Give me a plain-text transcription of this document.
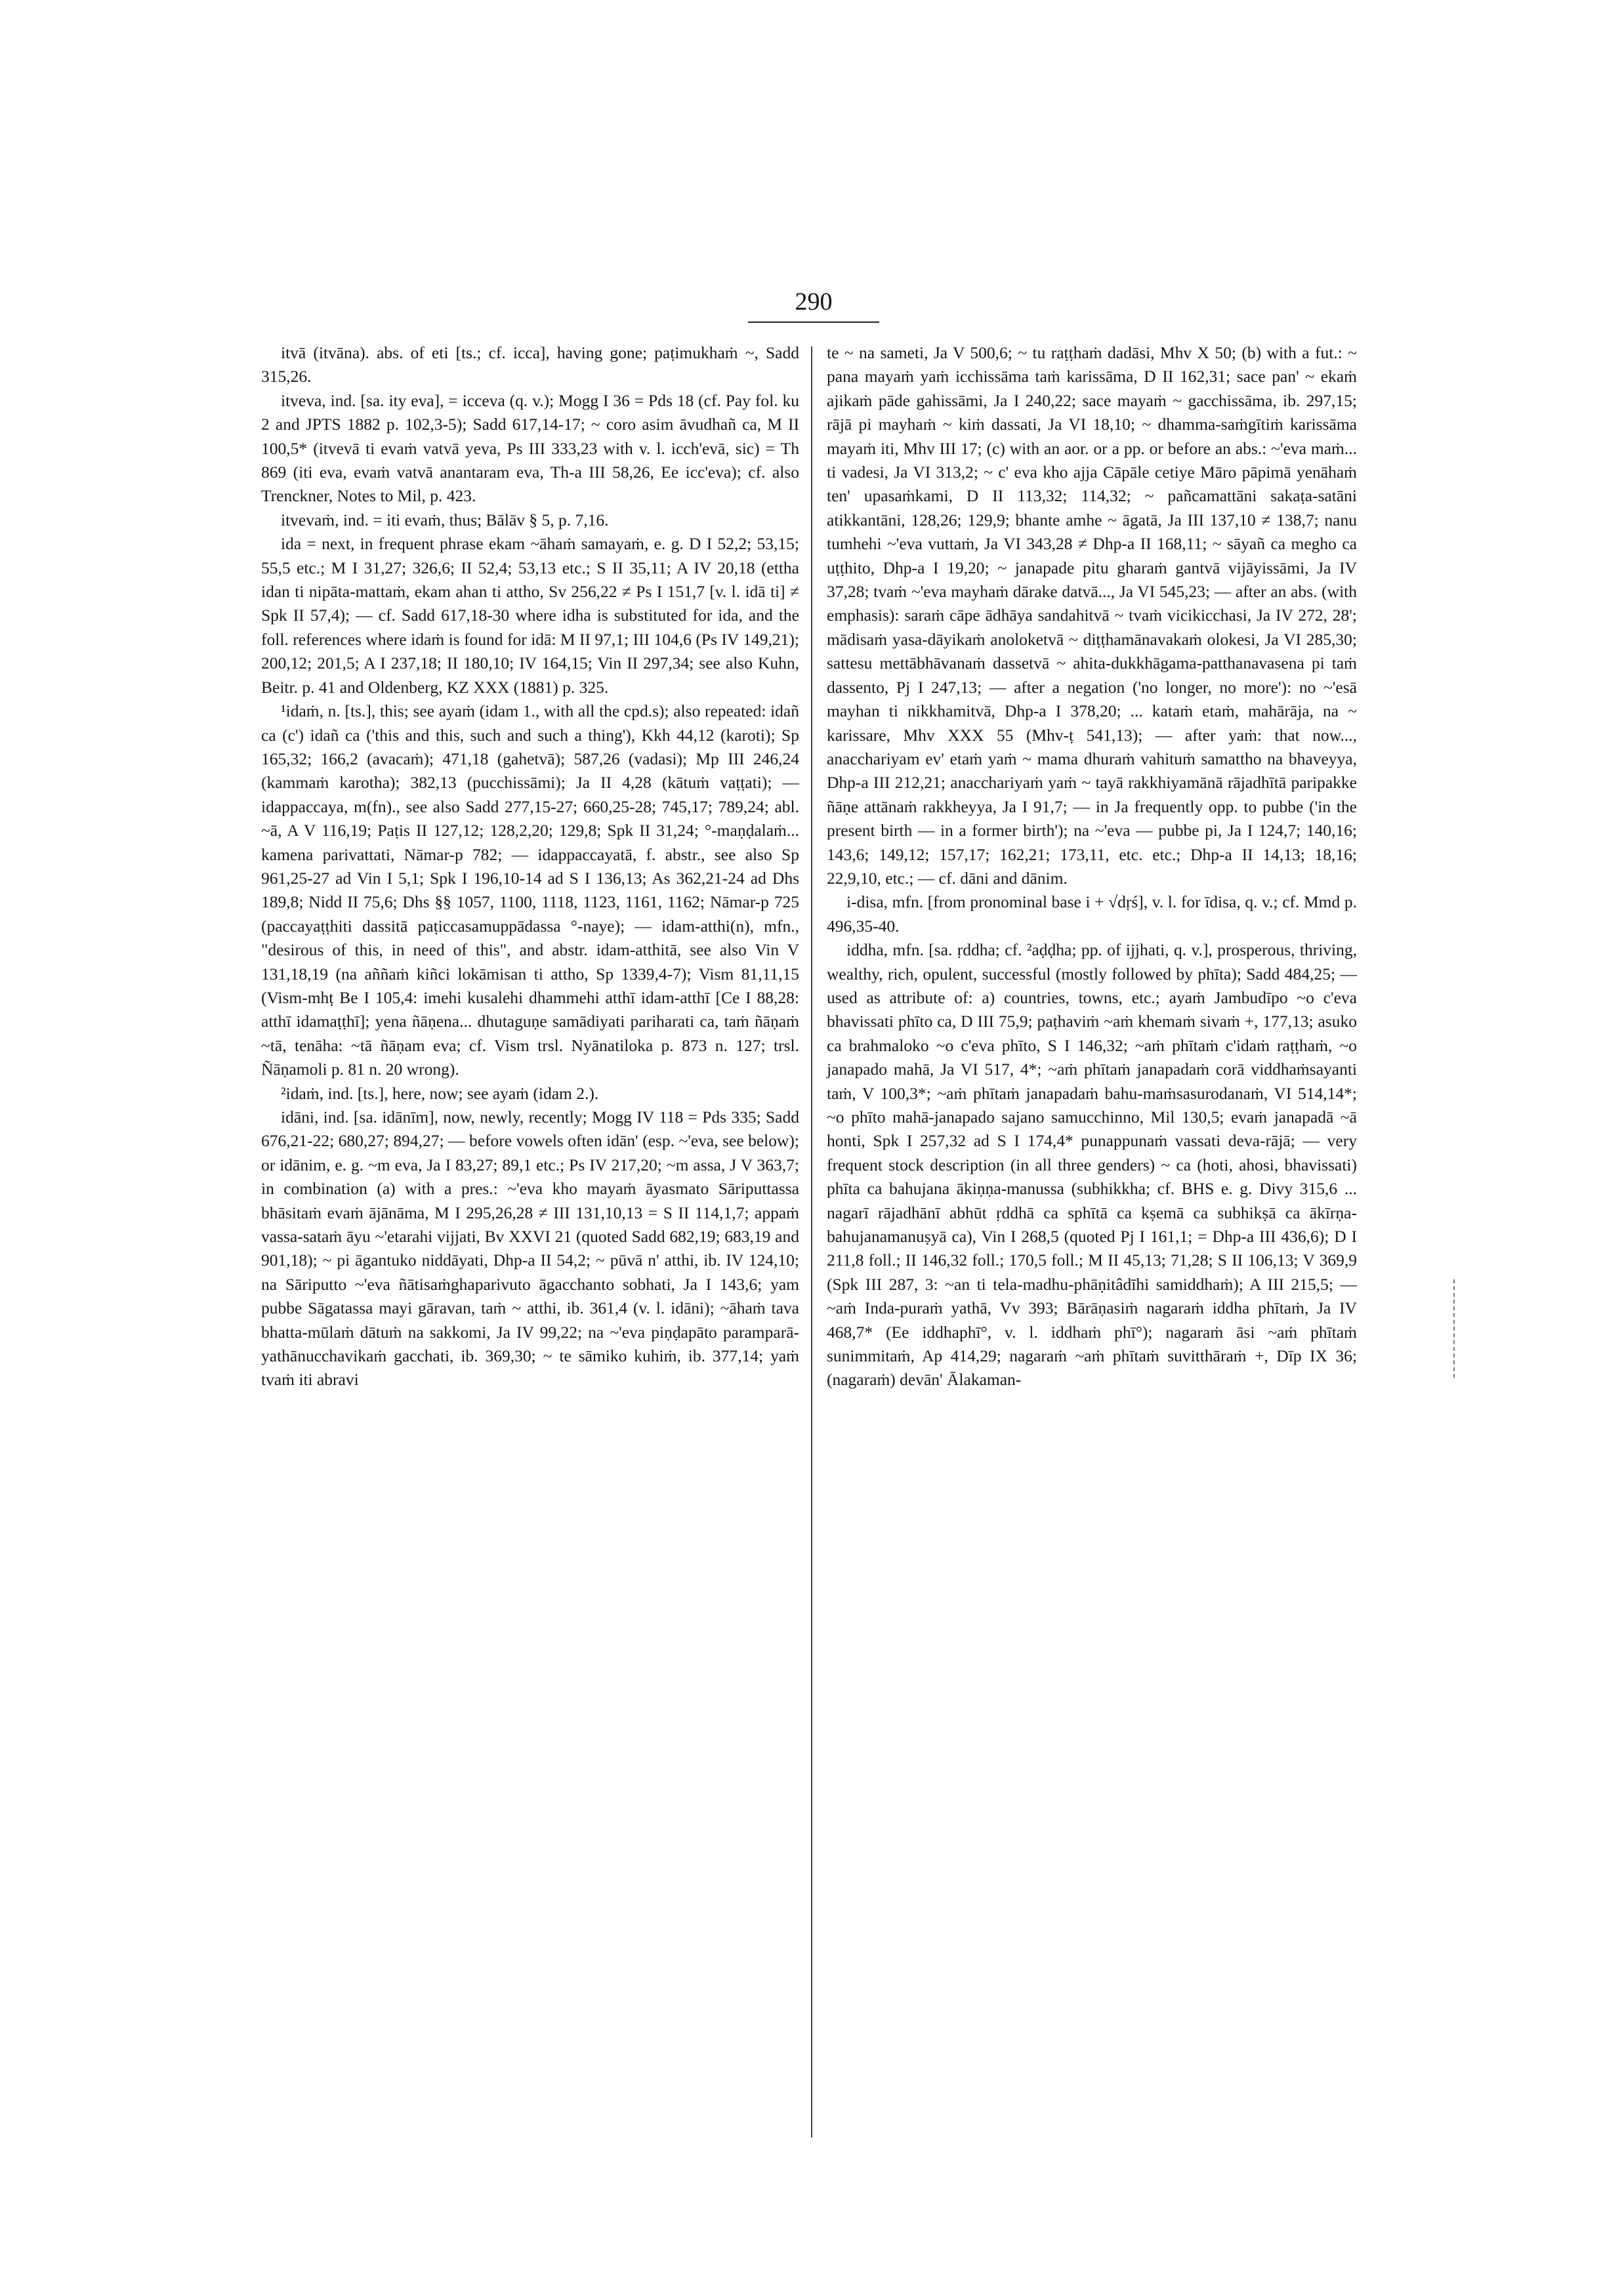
290

itvā (itvāna). abs. of eti [ts.; cf. icca], having gone; paṭimukhaṁ ~, Sadd 315,26.

itveva, ind. [sa. ity eva], = icceva (q. v.); Mogg I 36 = Pds 18 (cf. Pay fol. ku 2 and JPTS 1882 p. 102,3-5); Sadd 617,14-17; ~ coro asim āvudhañ ca, M II 100,5* (itvevā ti evaṁ vatvā yeva, Ps III 333,23 with v. l. icch'evā, sic) = Th 869 (iti eva, evaṁ vatvā anantaram eva, Th-a III 58,26, Ee icc'eva); cf. also Trenckner, Notes to Mil, p. 423.

itvevaṁ, ind. = iti evaṁ, thus; Bālāv § 5, p. 7,16.

ida = next, in frequent phrase ekam ~āhaṁ samayaṁ, e. g. D I 52,2; 53,15; 55,5 etc.; M I 31,27; 326,6; II 52,4; 53,13 etc.; S II 35,11; A IV 20,18 (ettha idan ti nipāta-mattaṁ, ekam ahan ti attho, Sv 256,22 ≠ Ps I 151,7 [v. l. idā ti] ≠ Spk II 57,4); — cf. Sadd 617,18-30 where idha is substituted for ida, and the foll. references where idaṁ is found for idā: M II 97,1; III 104,6 (Ps IV 149,21); 200,12; 201,5; A I 237,18; II 180,10; IV 164,15; Vin II 297,34; see also Kuhn, Beitr. p. 41 and Oldenberg, KZ XXX (1881) p. 325.

¹idaṁ, n. [ts.], this; see ayaṁ (idam 1., with all the cpd.s); also repeated: idañ ca (c') idañ ca ('this and this, such and such a thing'), Kkh 44,12 (karoti); Sp 165,32; 166,2 (avacaṁ); 471,18 (gahetvā); 587,26 (vadasi); Mp III 246,24 (kammaṁ karotha); 382,13 (pucchissāmi); Ja II 4,28 (kātuṁ vaṭṭati); — idappaccaya, m(fn)., see also Sadd 277,15-27; 660,25-28; 745,17; 789,24; abl. ~ā, A V 116,19; Paṭis II 127,12; 128,2,20; 129,8; Spk II 31,24; °-maṇḍalaṁ... kamena parivattati, Nāmar-p 782; — idappaccayatā, f. abstr., see also Sp 961,25-27 ad Vin I 5,1; Spk I 196,10-14 ad S I 136,13; As 362,21-24 ad Dhs 189,8; Nidd II 75,6; Dhs §§ 1057, 1100, 1118, 1123, 1161, 1162; Nāmar-p 725 (paccayaṭṭhiti dassitā paṭiccasamuppādassa °-naye); — idam-atthi(n), mfn., "desirous of this, in need of this", and abstr. idam-atthitā, see also Vin V 131,18,19 (na aññaṁ kiñci lokāmisan ti attho, Sp 1339,4-7); Vism 81,11,15 (Vism-mhṭ Be I 105,4: imehi kusalehi dhammehi atthī idam-atthī [Ce I 88,28: atthī idamaṭṭhī]; yena ñāṇena... dhutaguṇe samādiyati pariharati ca, taṁ ñāṇaṁ ~tā, tenāha: ~tā ñāṇam eva; cf. Vism trsl. Nyānatiloka p. 873 n. 127; trsl. Ñāṇamoli p. 81 n. 20 wrong).

²idaṁ, ind. [ts.], here, now; see ayaṁ (idam 2.).

idāni, ind. [sa. idānīm], now, newly, recently; Mogg IV 118 = Pds 335; Sadd 676,21-22; 680,27; 894,27; — before vowels often idān' (esp. ~'eva, see below); or idānim, e. g. ~m eva, Ja I 83,27; 89,1 etc.; Ps IV 217,20; ~m assa, J V 363,7; in combination (a) with a pres.: ~'eva kho mayaṁ āyasmato Sāriputtassa bhāsitaṁ evaṁ ājānāma, M I 295,26,28 ≠ III 131,10,13 = S II 114,1,7; appaṁ vassa-sataṁ āyu ~'etarahi vijjati, Bv XXVI 21 (quoted Sadd 682,19; 683,19 and 901,18); ~ pi āgantuko niddāyati, Dhp-a II 54,2; ~ pūvā n' atthi, ib. IV 124,10; na Sāriputto ~'eva ñātisaṁghaparivuto āgacchanto sobhati, Ja I 143,6; yam pubbe Sāgatassa mayi gāravan, taṁ ~ atthi, ib. 361,4 (v. l. idāni); ~āhaṁ tava bhatta-mūlaṁ dātuṁ na sakkomi, Ja IV 99,22; na ~'eva piṇḍapāto paramparā-yathānucchavikaṁ gacchati, ib. 369,30; ~ te sāmiko kuhiṁ, ib. 377,14; yaṁ tvaṁ iti abravi

te ~ na sameti, Ja V 500,6; ~ tu raṭṭhaṁ dadāsi, Mhv X 50; (b) with a fut.: ~ pana mayaṁ yaṁ icchissāma taṁ karissāma, D II 162,31; sace pan' ~ ekaṁ ajikaṁ pāde gahissāmi, Ja I 240,22; sace mayaṁ ~ gacchissāma, ib. 297,15; rājā pi mayhaṁ ~ kiṁ dassati, Ja VI 18,10; ~ dhamma-saṁgītiṁ karissāma mayaṁ iti, Mhv III 17; (c) with an aor. or a pp. or before an abs.: ~'eva maṁ... ti vadesi, Ja VI 313,2; ~ c' eva kho ajja Cāpāle cetiye Māro pāpimā yenāhaṁ ten' upasaṁkami, D II 113,32; 114,32; ~ pañcamattāni sakaṭa-satāni atikkantāni, 128,26; 129,9; bhante amhe ~ āgatā, Ja III 137,10 ≠ 138,7; nanu tumhehi ~'eva vuttaṁ, Ja VI 343,28 ≠ Dhp-a II 168,11; ~ sāyañ ca megho ca uṭṭhito, Dhp-a I 19,20; ~ janapade pitu gharaṁ gantvā vijāyissāmi, Ja IV 37,28; tvaṁ ~'eva mayhaṁ dārake datvā..., Ja VI 545,23; — after an abs. (with emphasis): saraṁ cāpe ādhāya sandahitvā ~ tvaṁ vicikicchasi, Ja IV 272, 28'; mādisaṁ yasa-dāyikaṁ anoloketvā ~ diṭṭhamānavakaṁ olokesi, Ja VI 285,30; sattesu mettābhāvanaṁ dassetvā ~ ahita-dukkhāgama-patthanavasena pi taṁ dassento, Pj I 247,13; — after a negation ('no longer, no more'): no ~'esā mayhan ti nikkhamitvā, Dhp-a I 378,20; ... kataṁ etaṁ, mahārāja, na ~ karissare, Mhv XXX 55 (Mhv-ṭ 541,13); — after yaṁ: that now..., anacchariyam ev' etaṁ yaṁ ~ mama dhuraṁ vahituṁ samattho na bhaveyya, Dhp-a III 212,21; anacchariyaṁ yaṁ ~ tayā rakkhiyamānā rājadhītā paripakke ñāṇe attānaṁ rakkheyya, Ja I 91,7; — in Ja frequently opp. to pubbe ('in the present birth — in a former birth'); na ~'eva — pubbe pi, Ja I 124,7; 140,16; 143,6; 149,12; 157,17; 162,21; 173,11, etc. etc.; Dhp-a II 14,13; 18,16; 22,9,10, etc.; — cf. dāni and dānim.

i-disa, mfn. [from pronominal base i + √dṛś], v. l. for īdisa, q. v.; cf. Mmd p. 496,35-40.

iddha, mfn. [sa. ṛddha; cf. ²aḍḍha; pp. of ijjhati, q. v.], prosperous, thriving, wealthy, rich, opulent, successful (mostly followed by phīta); Sadd 484,25; — used as attribute of: a) countries, towns, etc.; ayaṁ Jambudīpo ~o c'eva bhavissati phīto ca, D III 75,9; paṭhaviṁ ~aṁ khemaṁ sivaṁ +, 177,13; asuko ca brahmaloko ~o c'eva phīto, S I 146,32; ~aṁ phītaṁ c'idaṁ raṭṭhaṁ, ~o janapado mahā, Ja VI 517, 4*; ~aṁ phītaṁ janapadaṁ corā viddhaṁsayanti taṁ, V 100,3*; ~aṁ phītaṁ janapadaṁ bahu-maṁsasurodanaṁ, VI 514,14*; ~o phīto mahā-janapado sajano samucchinno, Mil 130,5; evaṁ janapadā ~ā honti, Spk I 257,32 ad S I 174,4* punappunaṁ vassati deva-rājā; — very frequent stock description (in all three genders) ~ ca (hoti, ahosi, bhavissati) phīta ca bahujana ākiṇṇa-manussa (subhikkha; cf. BHS e. g. Divy 315,6 ... nagarī rājadhānī abhūt ṛddhā ca sphītā ca kṣemā ca subhikṣā ca ākīrṇa-bahujanamanuṣyā ca), Vin I 268,5 (quoted Pj I 161,1; = Dhp-a III 436,6); D I 211,8 foll.; II 146,32 foll.; 170,5 foll.; M II 45,13; 71,28; S II 106,13; V 369,9 (Spk III 287, 3: ~an ti tela-madhu-phāṇitâdīhi samiddhaṁ); A III 215,5; — ~aṁ Inda-puraṁ yathā, Vv 393; Bārāṇasiṁ nagaraṁ iddha phītaṁ, Ja IV 468,7* (Ee iddhaphī°, v. l. iddhaṁ phī°); nagaraṁ āsi ~aṁ phītaṁ sunimmitaṁ, Ap 414,29; nagaraṁ ~aṁ phītaṁ suvitthāraṁ +, Dīp IX 36; (nagaraṁ) devān' Ālakaman-
